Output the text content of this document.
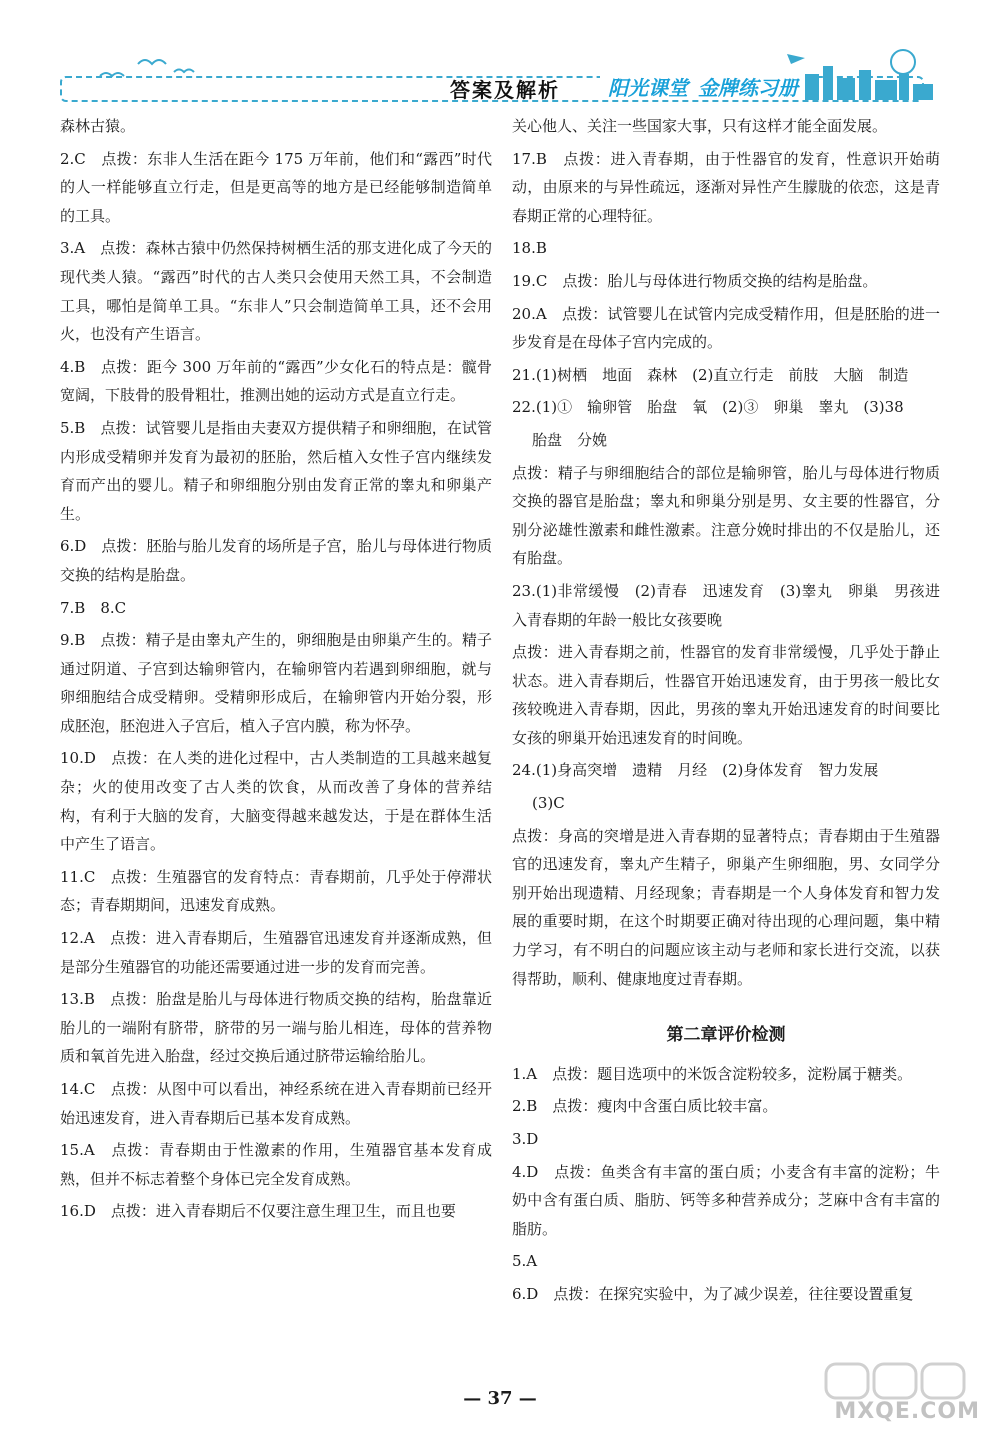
答案及解析 阳光课堂 金牌练习册

森林古猿。

2.C　点拨：东非人生活在距今 175 万年前，他们和“露西”时代的人一样能够直立行走，但是更高等的地方是已经能够制造简单的工具。

3.A　点拨：森林古猿中仍然保持树栖生活的那支进化成了今天的现代类人猿。“露西”时代的古人类只会使用天然工具，不会制造工具，哪怕是简单工具。“东非人”只会制造简单工具，还不会用火，也没有产生语言。

4.B　点拨：距今 300 万年前的“露西”少女化石的特点是：髋骨宽阔，下肢骨的股骨粗壮，推测出她的运动方式是直立行走。

5.B　点拨：试管婴儿是指由夫妻双方提供精子和卵细胞，在试管内形成受精卵并发育为最初的胚胎，然后植入女性子宫内继续发育而产出的婴儿。精子和卵细胞分别由发育正常的睾丸和卵巢产生。

6.D　点拨：胚胎与胎儿发育的场所是子宫，胎儿与母体进行物质交换的结构是胎盘。

7.B　8.C

9.B　点拨：精子是由睾丸产生的，卵细胞是由卵巢产生的。精子通过阴道、子宫到达输卵管内，在输卵管内若遇到卵细胞，就与卵细胞结合成受精卵。受精卵形成后，在输卵管内开始分裂，形成胚泡，胚泡进入子宫后，植入子宫内膜，称为怀孕。

10.D　点拨：在人类的进化过程中，古人类制造的工具越来越复杂；火的使用改变了古人类的饮食，从而改善了身体的营养结构，有利于大脑的发育，大脑变得越来越发达，于是在群体生活中产生了语言。

11.C　点拨：生殖器官的发育特点：青春期前，几乎处于停滞状态；青春期期间，迅速发育成熟。

12.A　点拨：进入青春期后，生殖器官迅速发育并逐渐成熟，但是部分生殖器官的功能还需要通过进一步的发育而完善。

13.B　点拨：胎盘是胎儿与母体进行物质交换的结构，胎盘靠近胎儿的一端附有脐带，脐带的另一端与胎儿相连，母体的营养物质和氧首先进入胎盘，经过交换后通过脐带运输给胎儿。

14.C　点拨：从图中可以看出，神经系统在进入青春期前已经开始迅速发育，进入青春期后已基本发育成熟。

15.A　点拨：青春期由于性激素的作用，生殖器官基本发育成熟，但并不标志着整个身体已完全发育成熟。

16.D　点拨：进入青春期后不仅要注意生理卫生，而且也要

关心他人、关注一些国家大事，只有这样才能全面发展。

17.B　点拨：进入青春期，由于性器官的发育，性意识开始萌动，由原来的与异性疏远，逐渐对异性产生朦胧的依恋，这是青春期正常的心理特征。

18.B

19.C　点拨：胎儿与母体进行物质交换的结构是胎盘。

20.A　点拨：试管婴儿在试管内完成受精作用，但是胚胎的进一步发育是在母体子宫内完成的。

21.(1)树栖　地面　森林　(2)直立行走　前肢　大脑　制造

22.(1)①　输卵管　胎盘　氧　(2)③　卵巢　睾丸　(3)38

胎盘　分娩

点拨：精子与卵细胞结合的部位是输卵管，胎儿与母体进行物质交换的器官是胎盘；睾丸和卵巢分别是男、女主要的性器官，分别分泌雄性激素和雌性激素。注意分娩时排出的不仅是胎儿，还有胎盘。

23.(1)非常缓慢　(2)青春　迅速发育　(3)睾丸　卵巢　男孩进入青春期的年龄一般比女孩要晚

点拨：进入青春期之前，性器官的发育非常缓慢，几乎处于静止状态。进入青春期后，性器官开始迅速发育，由于男孩一般比女孩较晚进入青春期，因此，男孩的睾丸开始迅速发育的时间要比女孩的卵巢开始迅速发育的时间晚。

24.(1)身高突增　遗精　月经　(2)身体发育　智力发展

(3)C

点拨：身高的突增是进入青春期的显著特点；青春期由于生殖器官的迅速发育，睾丸产生精子，卵巢产生卵细胞，男、女同学分别开始出现遗精、月经现象；青春期是一个人身体发育和智力发展的重要时期，在这个时期要正确对待出现的心理问题，集中精力学习，有不明白的问题应该主动与老师和家长进行交流，以获得帮助，顺利、健康地度过青春期。

第二章评价检测

1.A　点拨：题目选项中的米饭含淀粉较多，淀粉属于糖类。

2.B　点拨：瘦肉中含蛋白质比较丰富。

3.D

4.D　点拨：鱼类含有丰富的蛋白质；小麦含有丰富的淀粉；牛奶中含有蛋白质、脂肪、钙等多种营养成分；芝麻中含有丰富的脂肪。

5.A

6.D　点拨：在探究实验中，为了减少误差，往往要设置重复

— 37 —
MXQE.COM
